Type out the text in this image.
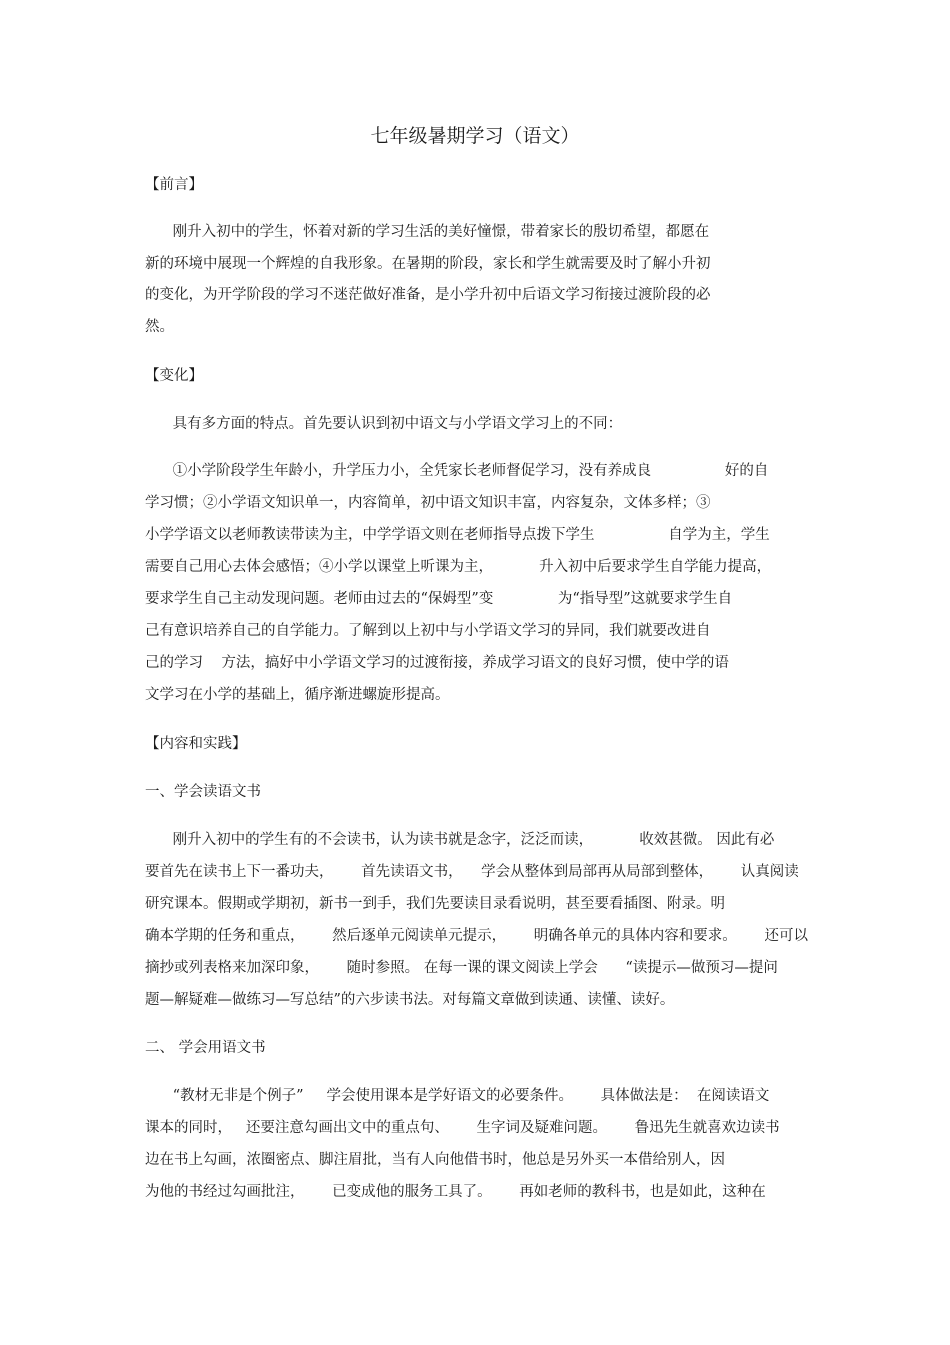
七年级暑期学习（语文）
【前言】
刚升入初中的学生，怀着对新的学习生活的美好憧憬，带着家长的殷切希望，都愿在
新的环境中展现一个辉煌的自我形象。在暑期的阶段，家长和学生就需要及时了解小升初
的变化，为开学阶段的学习不迷茫做好准备，是小学升初中后语文学习衔接过渡阶段的必
然。
【变化】
具有多方面的特点。首先要认识到初中语文与小学语文学习上的不同：
①小学阶段学生年龄小，升学压力小，全凭家长老师督促学习，没有养成良                好的自
学习惯；②小学语文知识单一，内容简单，初中语文知识丰富，内容复杂，文体多样；③
小学学语文以老师教读带读为主，中学学语文则在老师指导点拨下学生                自学为主，学生
需要自己用心去体会感悟；④小学以课堂上听课为主，          升入初中后要求学生自学能力提高，
要求学生自己主动发现问题。老师由过去的“保姆型”变              为“指导型”这就要求学生自
己有意识培养自己的自学能力。了解到以上初中与小学语文学习的异同，我们就要改进自
己的学习    方法，搞好中小学语文学习的过渡衔接，养成学习语文的良好习惯，使中学的语
文学习在小学的基础上，循序渐进螺旋形提高。
【内容和实践】
一、学会读语文书
刚升入初中的学生有的不会读书，认为读书就是念字，泛泛而读，          收效甚微。 因此有必
要首先在读书上下一番功夫，      首先读语文书，    学会从整体到局部再从局部到整体，      认真阅读
研究课本。假期或学期初，新书一到手，我们先要读目录看说明，甚至要看插图、附录。明
确本学期的任务和重点，      然后逐单元阅读单元提示，      明确各单元的具体内容和要求。      还可以
摘抄或列表格来加深印象，      随时参照。 在每一课的课文阅读上学会      “读提示—做预习—提问
题—解疑难—做练习—写总结”的六步读书法。对每篇文章做到读通、读懂、读好。
二、 学会用语文书
“教材无非是个例子”     学会使用课本是学好语文的必要条件。      具体做法是：  在阅读语文
课本的同时，   还要注意勾画出文中的重点句、      生字词及疑难问题。      鲁迅先生就喜欢边读书
边在书上勾画，浓圈密点、脚注眉批，当有人向他借书时，他总是另外买一本借给别人，因
为他的书经过勾画批注，      已变成他的服务工具了。      再如老师的教科书，也是如此，这种在
